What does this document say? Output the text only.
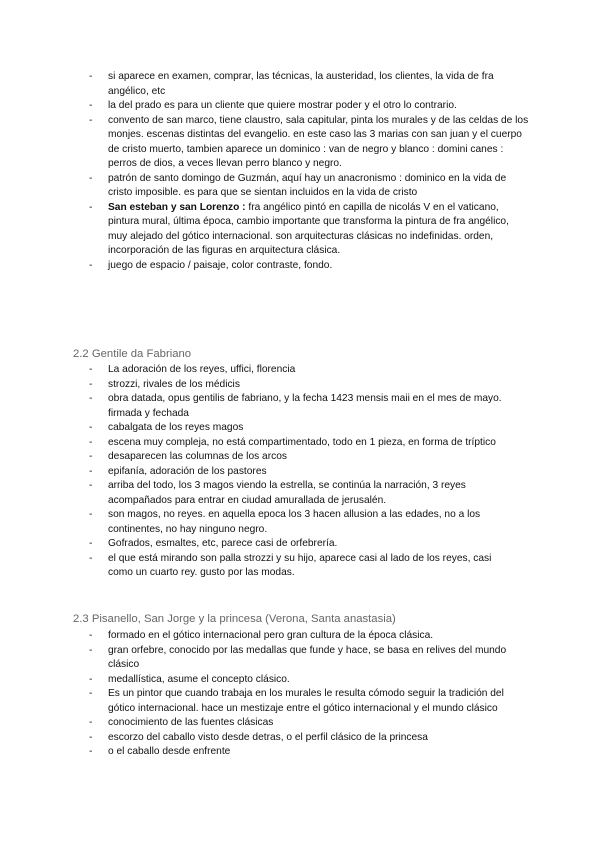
- si aparece en examen, comprar, las técnicas, la austeridad, los clientes, la vida de fra angélico, etc
- la del prado es para un cliente que quiere mostrar poder y el otro lo contrario.
- convento de san marco, tiene claustro, sala capitular, pinta los murales y de las celdas de los monjes. escenas distintas del evangelio. en este caso las 3 marias con san juan y el cuerpo de cristo muerto, tambien aparece un dominico : van de negro y blanco : domini canes : perros de dios, a veces llevan perro blanco y negro.
- patrón de santo domingo de Guzmán, aquí hay un anacronismo : dominico en la vida de cristo imposible. es para que se sientan incluidos en la vida de cristo
- San esteban y san Lorenzo : fra angélico pintó en capilla de nicolás V en el vaticano, pintura mural, última época, cambio importante que transforma la pintura de fra angélico, muy alejado del gótico internacional. son arquitecturas clásicas no indefinidas. orden, incorporación de las figuras en arquitectura clásica.
- juego de espacio / paisaje, color contraste, fondo.
2.2 Gentile da Fabriano
- La adoración de los reyes, uffici, florencia
- strozzi, rivales de los médicis
- obra datada, opus gentilis de fabriano, y la fecha 1423 mensis maii en el mes de mayo. firmada y fechada
- cabalgata de los reyes magos
- escena muy compleja, no está compartimentado, todo en 1 pieza, en forma de tríptico
- desaparecen las columnas de los arcos
- epifanía, adoración de los pastores
- arriba del todo, los 3 magos viendo la estrella, se continúa la narración, 3 reyes acompañados para entrar en ciudad amurallada de jerusalén.
- son magos, no reyes. en aquella epoca los 3 hacen allusion a las edades, no a los continentes, no hay ninguno negro.
- Gofrados, esmaltes, etc, parece casi de orfebrería.
- el que está mirando son palla strozzi y su hijo, aparece casi al lado de los reyes, casi como un cuarto rey. gusto por las modas.
2.3 Pisanello, San Jorge y la princesa (Verona, Santa anastasia)
- formado en el gótico internacional pero gran cultura de la época clásica.
- gran orfebre, conocido por las medallas que funde y hace, se basa en relives del mundo clásico
- medallística, asume el concepto clásico.
- Es un pintor que cuando trabaja en los murales le resulta cómodo seguir la tradición del gótico internacional. hace un mestizaje entre el gótico internacional y el mundo clásico
- conocimiento de las fuentes clásicas
- escorzo del caballo visto desde detras, o el perfil clásico de la princesa
- o el caballo desde enfrente
